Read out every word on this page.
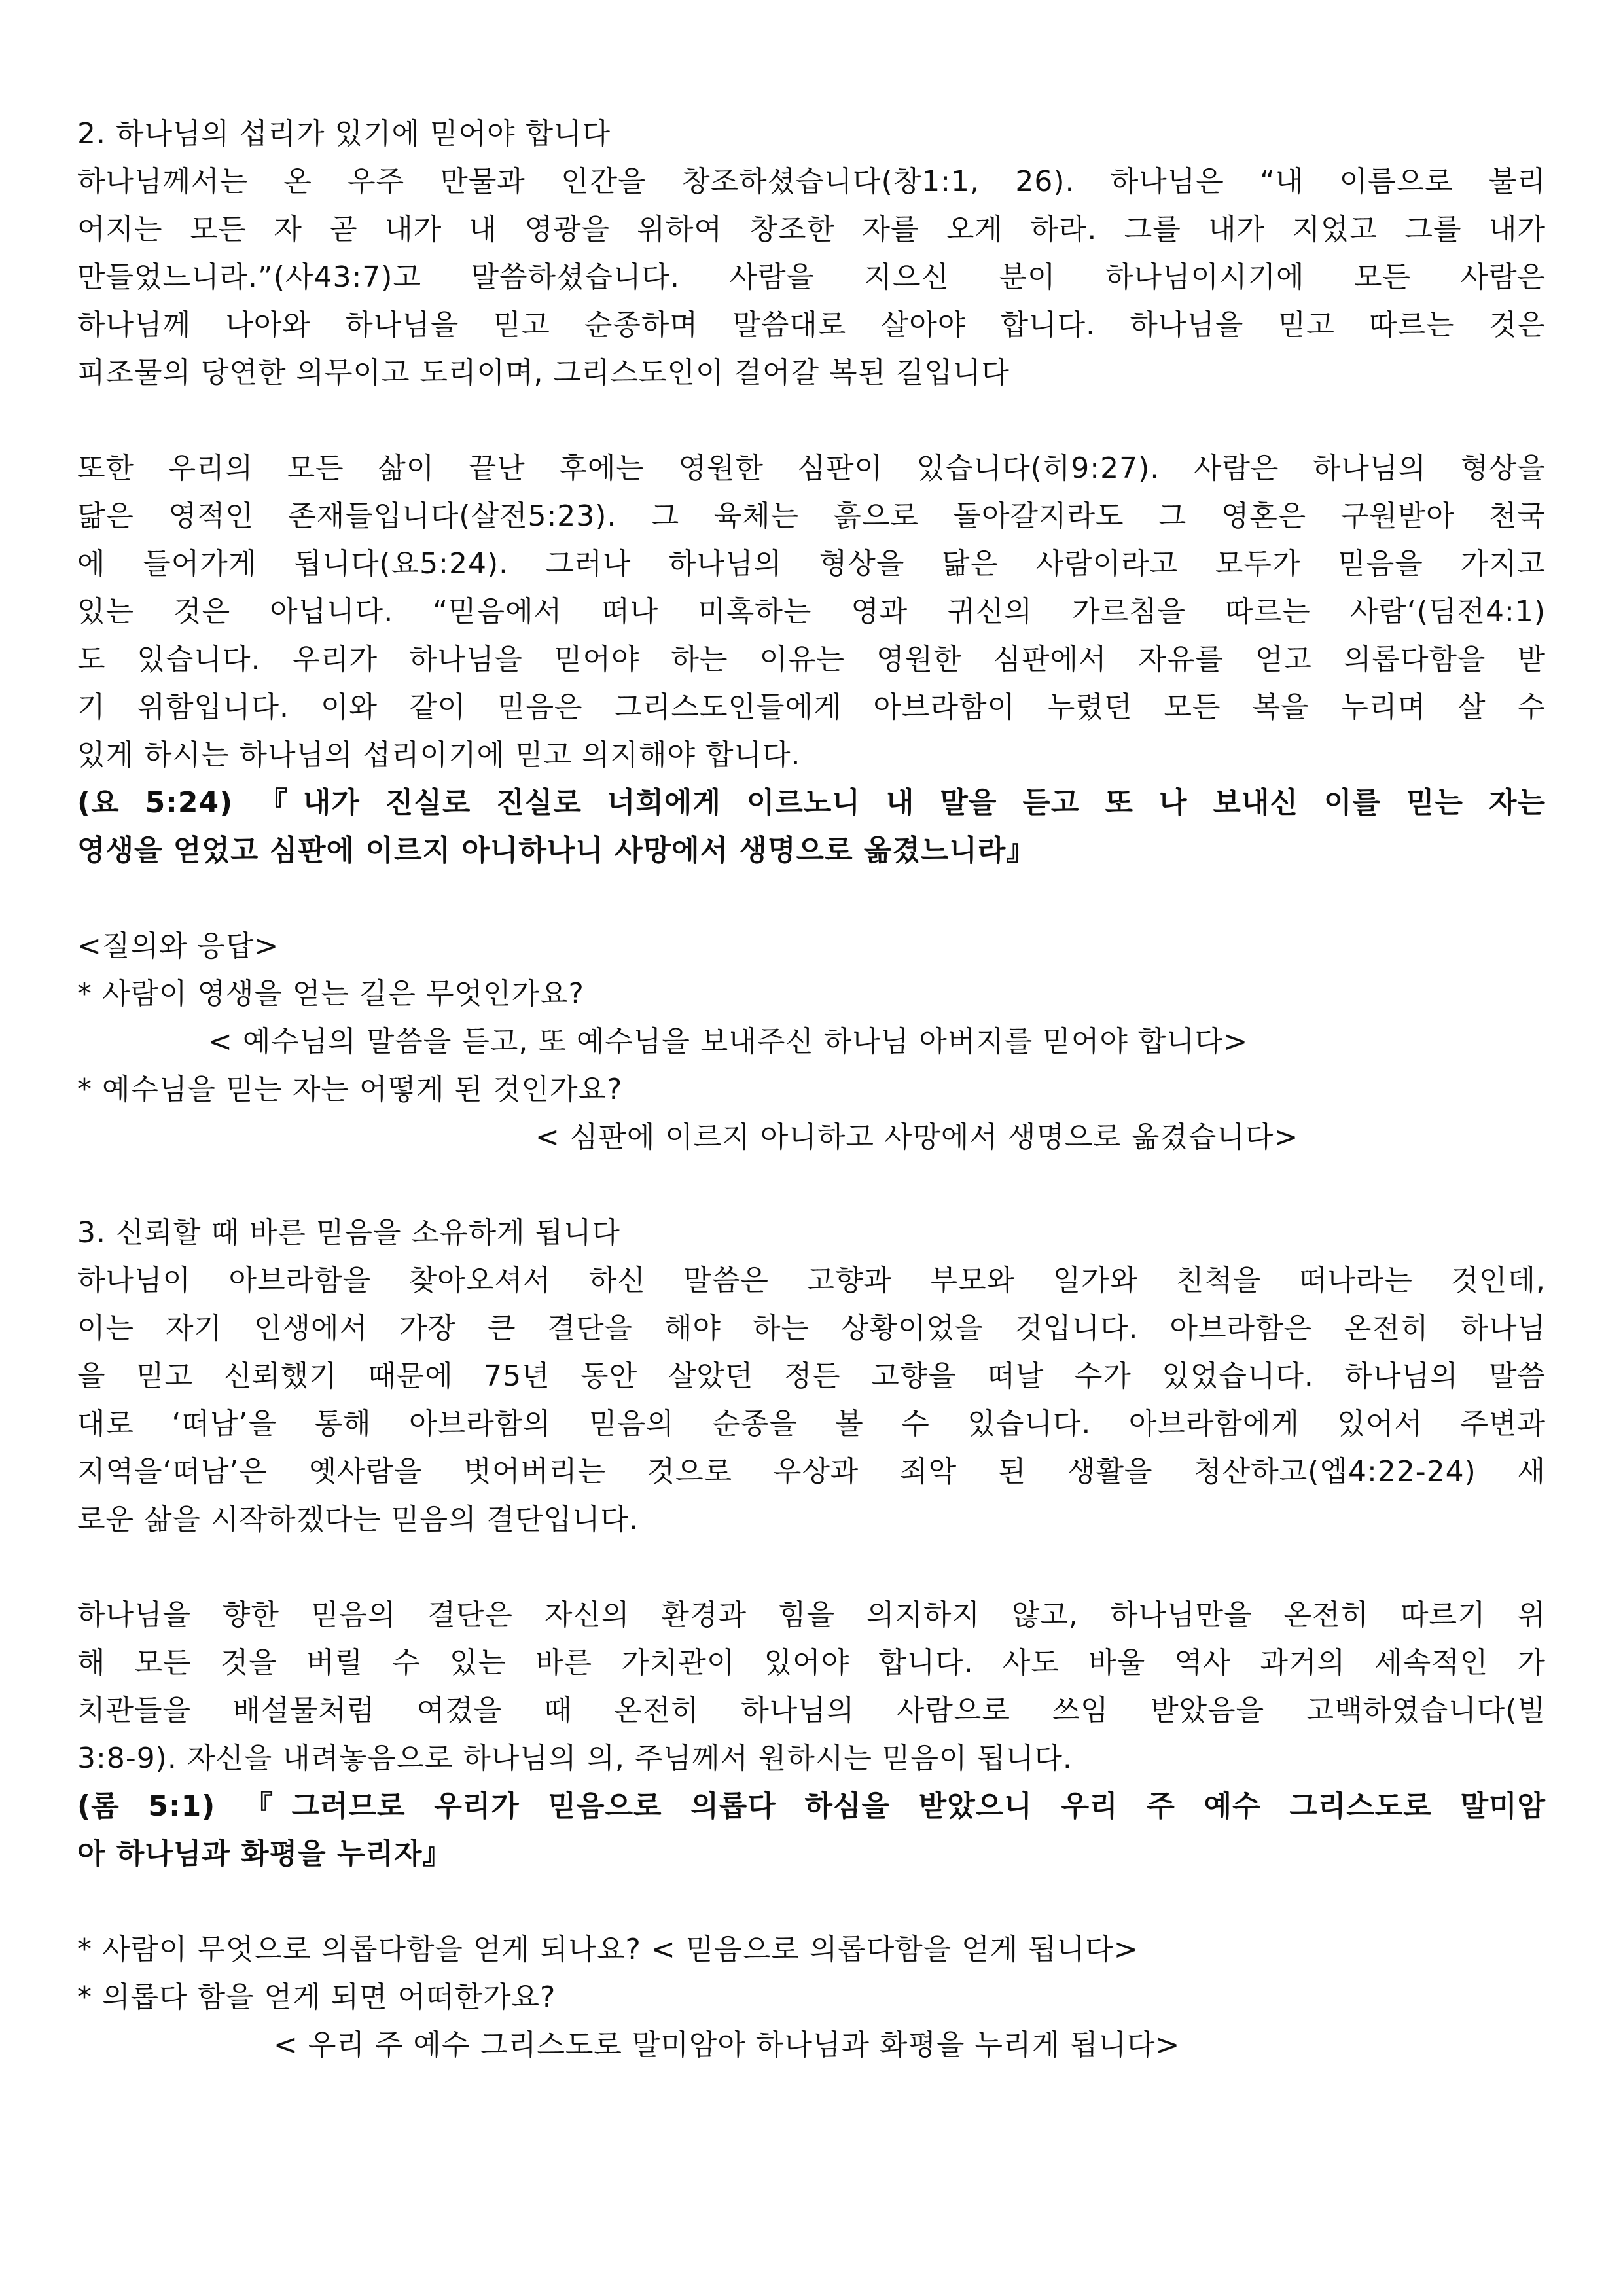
2. 하나님의 섭리가 있기에 믿어야 합니다
하나님께서는 온 우주 만물과 인간을 창조하셨습니다(창1:1, 26). 하나님은 “내 이름으로 불리
어지는 모든 자 곧 내가 내 영광을 위하여 창조한 자를 오게 하라. 그를 내가 지었고 그를 내가
만들었느니라.”(사43:7)고 말씀하셨습니다. 사람을 지으신 분이 하나님이시기에 모든 사람은
하나님께 나아와 하나님을 믿고 순종하며 말씀대로 살아야 합니다. 하나님을 믿고 따르는 것은
피조물의 당연한 의무이고 도리이며, 그리스도인이 걸어갈 복된 길입니다
또한 우리의 모든 삶이 끝난 후에는 영원한 심판이 있습니다(히9:27). 사람은 하나님의 형상을
닮은 영적인 존재들입니다(살전5:23). 그 육체는 흙으로 돌아갈지라도 그 영혼은 구원받아 천국
에 들어가게 됩니다(요5:24). 그러나 하나님의 형상을 닮은 사람이라고 모두가 믿음을 가지고
있는 것은 아닙니다. “믿음에서 떠나 미혹하는 영과 귀신의 가르침을 따르는 사람‘(딤전4:1)
도 있습니다. 우리가 하나님을 믿어야 하는 이유는 영원한 심판에서 자유를 얻고 의롭다함을 받
기 위함입니다. 이와 같이 믿음은 그리스도인들에게 아브라함이 누렸던 모든 복을 누리며 살 수
있게 하시는 하나님의 섭리이기에 믿고 의지해야 합니다.
(요 5:24) 『내가 진실로 진실로 너희에게 이르노니 내 말을 듣고 또 나 보내신 이를 믿는 자는
영생을 얻었고 심판에 이르지 아니하나니 사망에서 생명으로 옮겼느니라』
<질의와 응답>
* 사람이 영생을 얻는 길은 무엇인가요?
< 예수님의 말씀을 듣고, 또 예수님을 보내주신 하나님 아버지를 믿어야 합니다>
* 예수님을 믿는 자는 어떻게 된 것인가요?
< 심판에 이르지 아니하고 사망에서 생명으로 옮겼습니다>
3. 신뢰할 때 바른 믿음을 소유하게 됩니다
하나님이 아브라함을 찾아오셔서 하신 말씀은 고향과 부모와 일가와 친척을 떠나라는 것인데,
이는 자기 인생에서 가장 큰 결단을 해야 하는 상황이었을 것입니다. 아브라함은 온전히 하나님
을 믿고 신뢰했기 때문에 75년 동안 살았던 정든 고향을 떠날 수가 있었습니다. 하나님의 말씀
대로 ‘떠남’을 통해 아브라함의 믿음의 순종을 볼 수 있습니다. 아브라함에게 있어서 주변과
지역을‘떠남’은 옛사람을 벗어버리는 것으로 우상과 죄악 된 생활을 청산하고(엡4:22-24) 새
로운 삶을 시작하겠다는 믿음의 결단입니다.
하나님을 향한 믿음의 결단은 자신의 환경과 힘을 의지하지 않고, 하나님만을 온전히 따르기 위
해 모든 것을 버릴 수 있는 바른 가치관이 있어야 합니다. 사도 바울 역사 과거의 세속적인 가
치관들을 배설물처럼 여겼을 때 온전히 하나님의 사람으로 쓰임 받았음을 고백하였습니다(빌
3:8-9). 자신을 내려놓음으로 하나님의 의, 주님께서 원하시는 믿음이 됩니다.
(롬 5:1) 『그러므로 우리가 믿음으로 의롭다 하심을 받았으니 우리 주 예수 그리스도로 말미암
아 하나님과 화평을 누리자』
* 사람이 무엇으로 의롭다함을 얻게 되나요? < 믿음으로 의롭다함을 얻게 됩니다>
* 의롭다 함을 얻게 되면 어떠한가요?
< 우리 주 예수 그리스도로 말미암아 하나님과 화평을 누리게 됩니다>
